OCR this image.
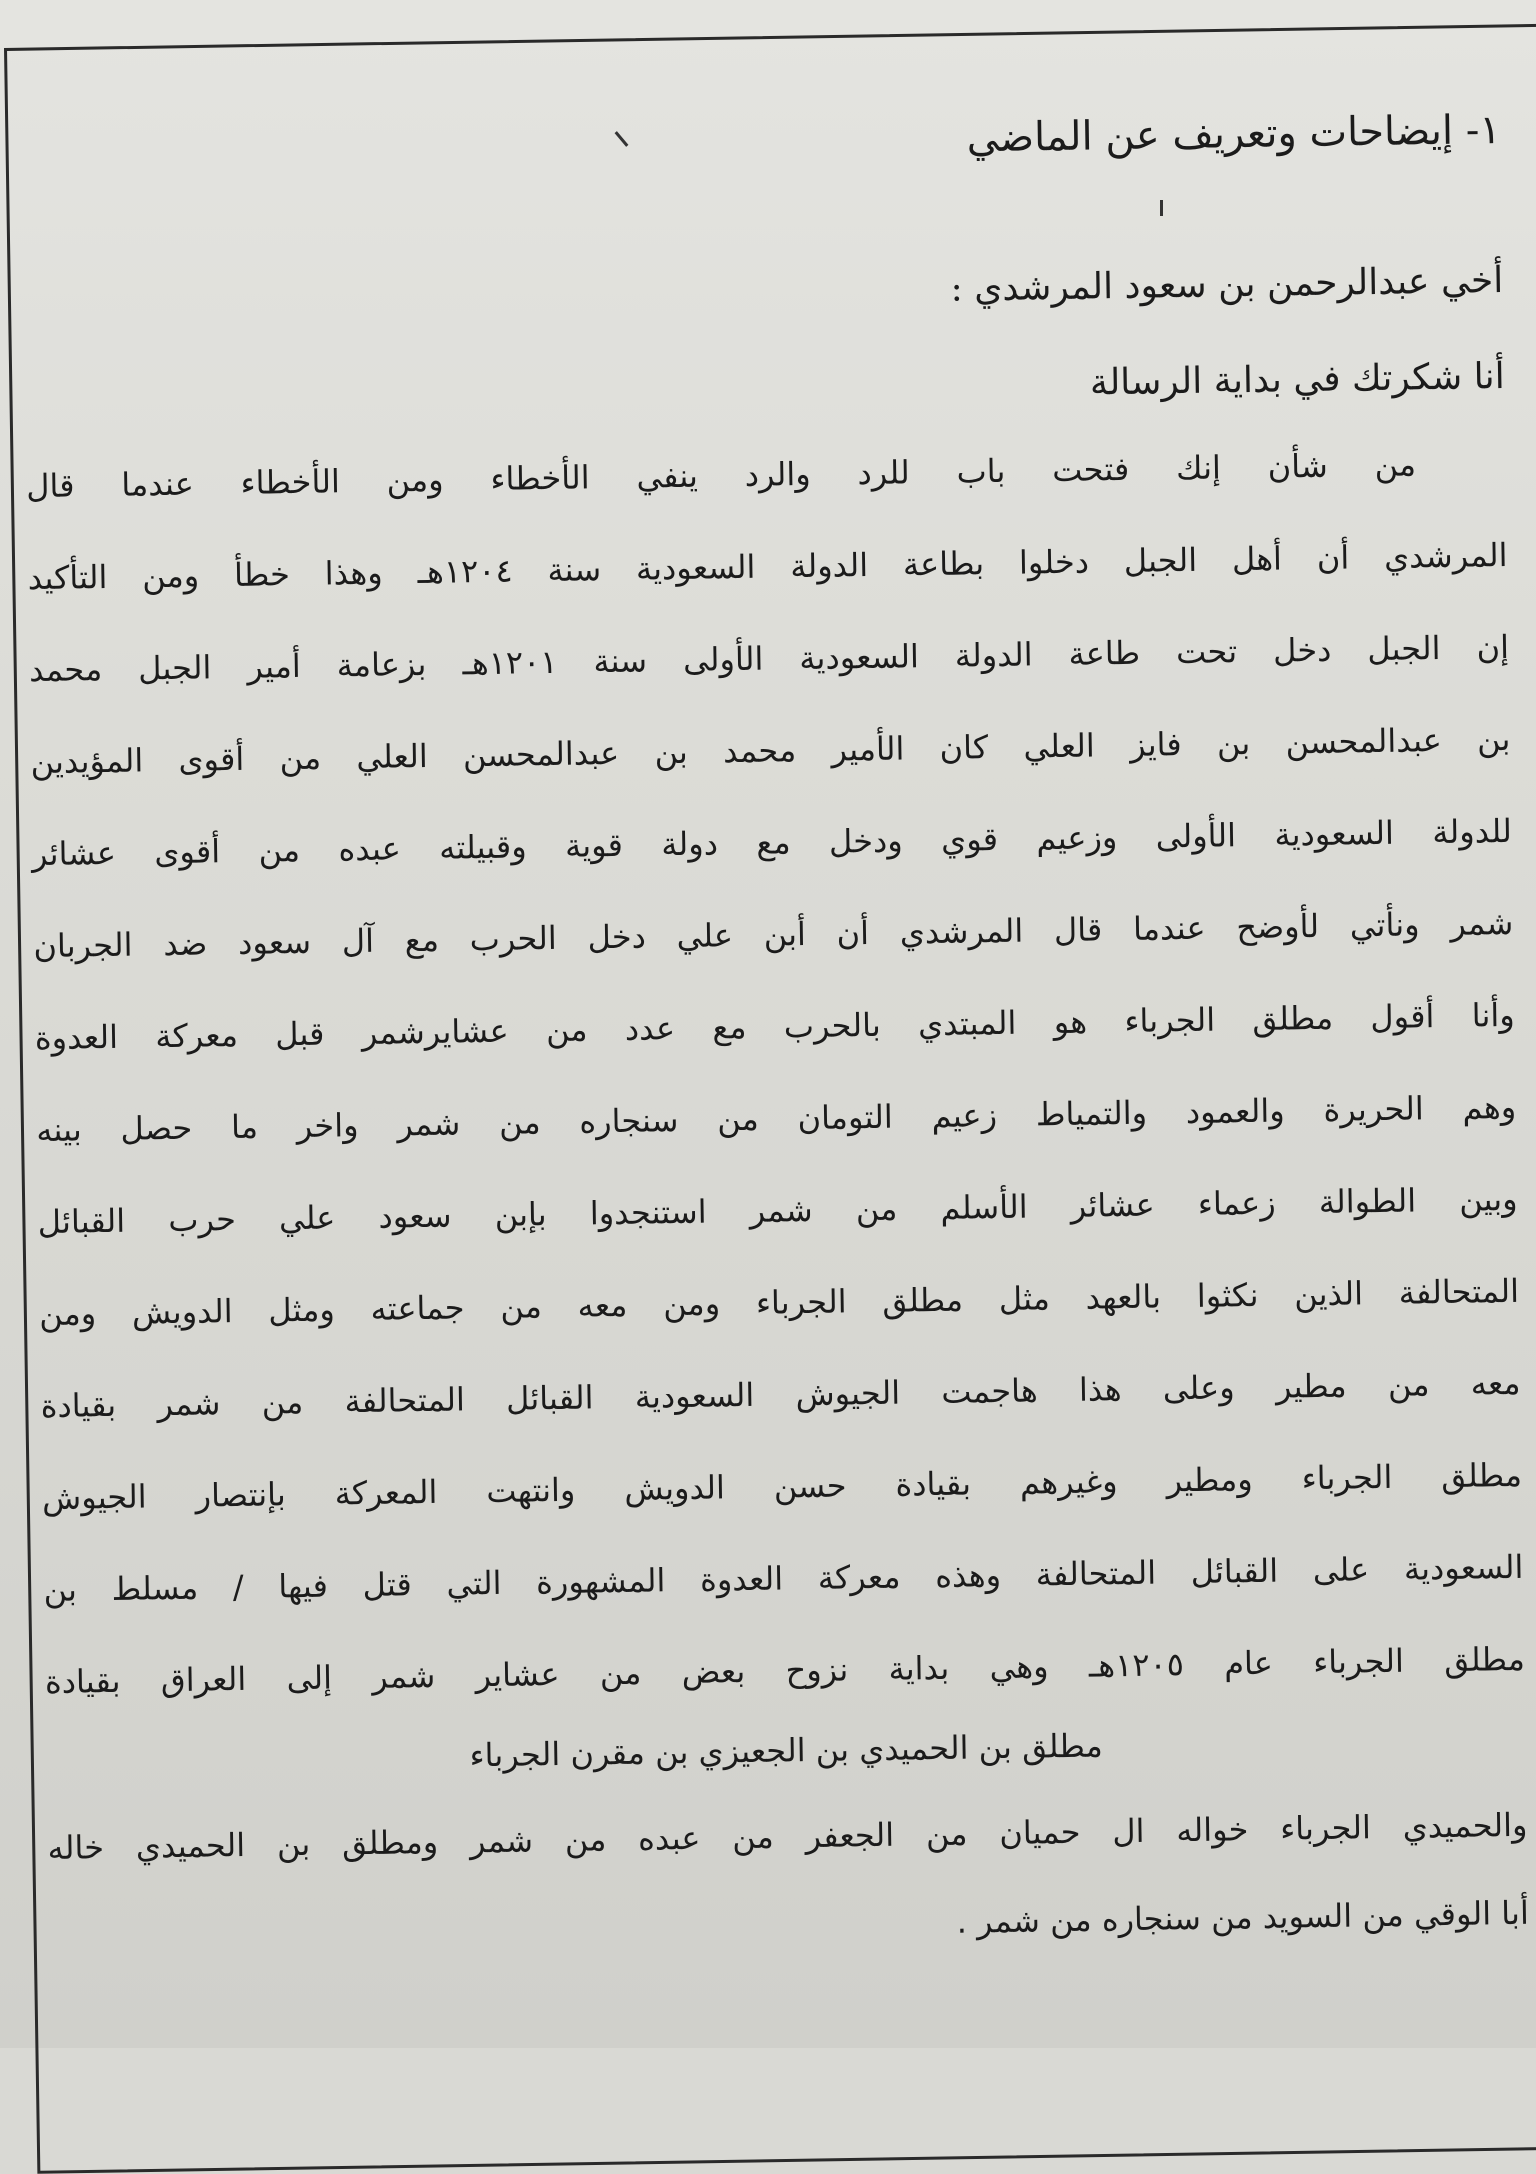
١- إيضاحات وتعريف عن الماضي
أخي عبدالرحمن بن سعود المرشدي :
أنا شكرتك في بداية الرسالة
من شأن إنك فتحت باب للرد والرد ينفي الأخطاء ومن الأخطاء عندما قال
المرشدي أن أهل الجبل دخلوا بطاعة الدولة السعودية سنة ١٢٠٤هـ وهذا خطأ ومن التأكيد
إن الجبل دخل تحت طاعة الدولة السعودية الأولى سنة ١٢٠١هـ بزعامة أمير الجبل محمد
بن عبدالمحسن بن فايز العلي كان الأمير محمد بن عبدالمحسن العلي من أقوى المؤيدين
للدولة السعودية الأولى وزعيم قوي ودخل مع دولة قوية وقبيلته عبده من أقوى عشائر
شمر ونأتي لأوضح عندما قال المرشدي أن أبن علي دخل الحرب مع آل سعود ضد الجربان
وأنا أقول مطلق الجرباء هو المبتدي بالحرب مع عدد من عشايرشمر قبل معركة العدوة
وهم الحريرة والعمود والتمياط زعيم التومان من سنجاره من شمر واخر ما حصل بينه
وبين الطوالة زعماء عشائر الأسلم من شمر استنجدوا بإبن سعود علي حرب القبائل
المتحالفة الذين نكثوا بالعهد مثل مطلق الجرباء ومن معه من جماعته ومثل الدويش ومن
معه من مطير وعلى هذا هاجمت الجيوش السعودية القبائل المتحالفة من شمر بقيادة
مطلق الجرباء ومطير وغيرهم بقيادة حسن الدويش وانتهت المعركة بإنتصار الجيوش
السعودية على القبائل المتحالفة وهذه معركة العدوة المشهورة التي قتل فيها / مسلط بن
مطلق الجرباء عام ١٢٠٥هـ وهي بداية نزوح بعض من عشاير شمر إلى العراق بقيادة
مطلق بن الحميدي بن الجعيزي بن مقرن الجرباء
والحميدي الجرباء خواله ال حميان من الجعفر من عبده من شمر ومطلق بن الحميدي خاله
أبا الوقي من السويد من سنجاره من شمر .
